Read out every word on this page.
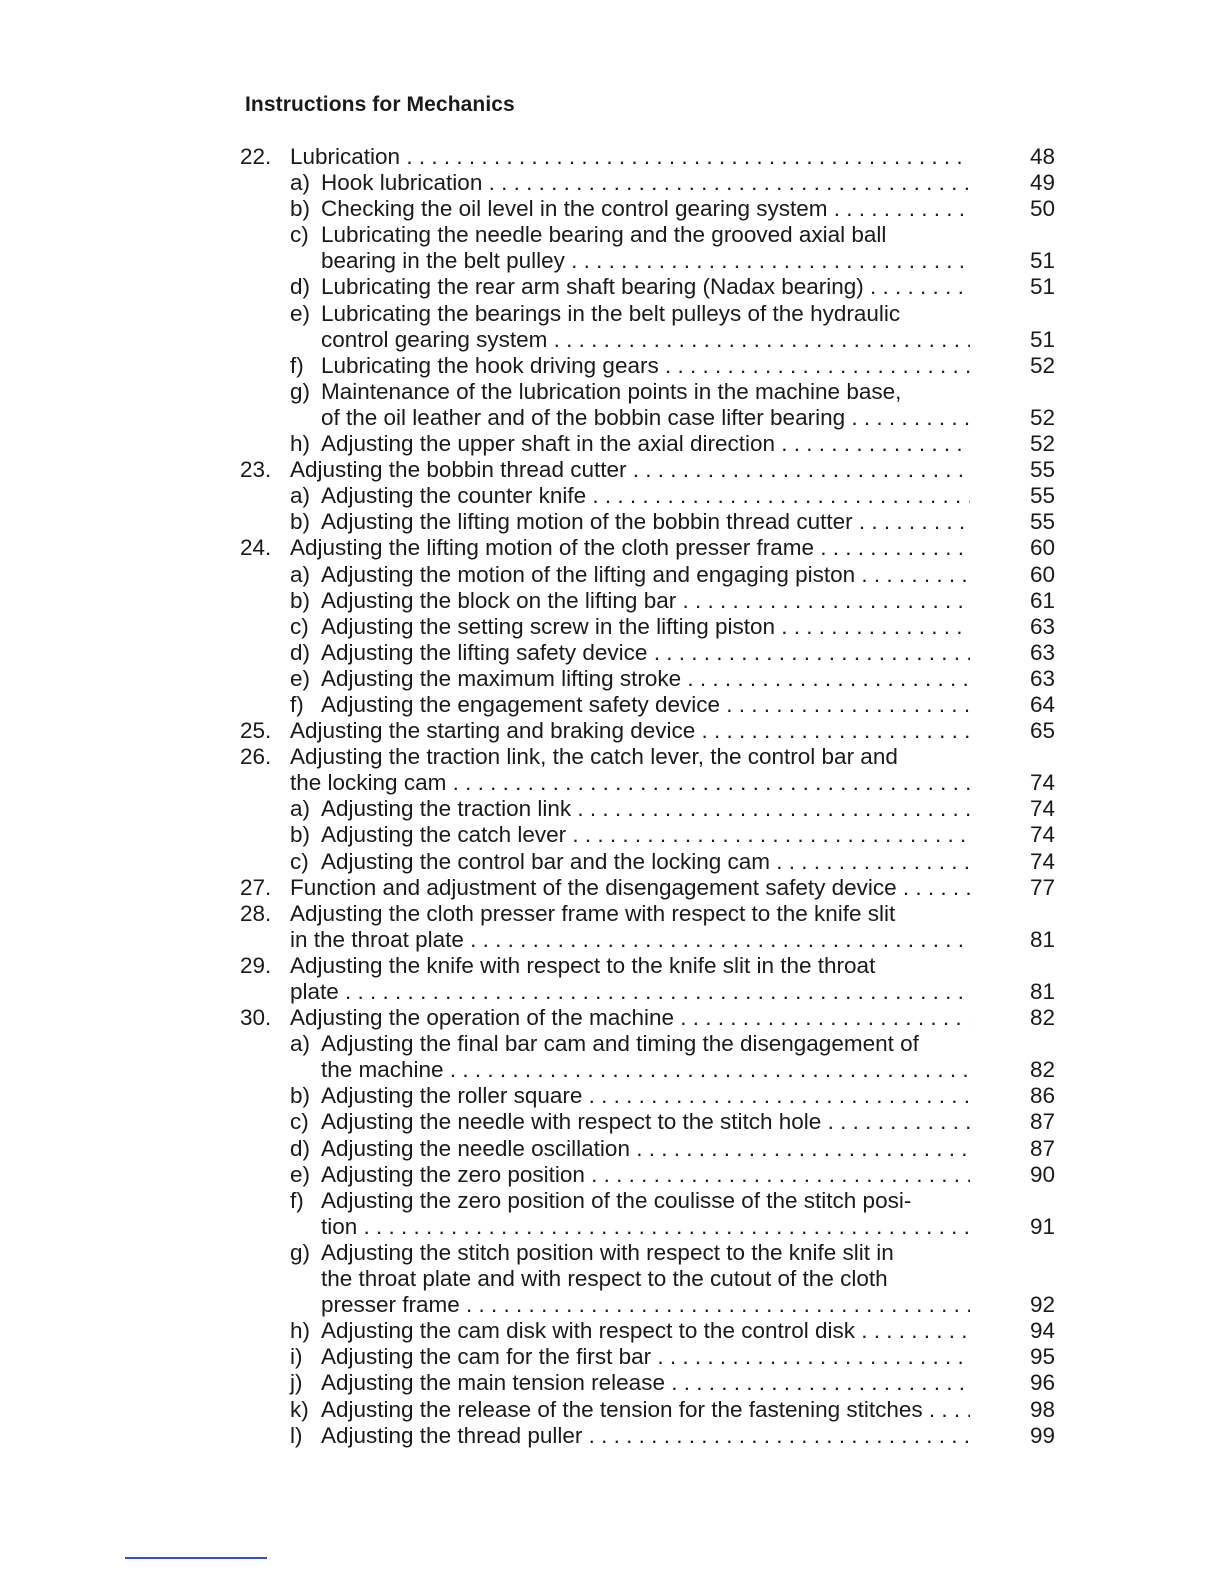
Instructions for Mechanics
22. Lubrication . . .	48
a) Hook lubrication . . .	49
b) Checking the oil level in the control gearing system . . .	50
c) Lubricating the needle bearing and the grooved axial ball
bearing in the belt pulley . . .	51
d) Lubricating the rear arm shaft bearing (Nadax bearing) . . .	51
e) Lubricating the bearings in the belt pulleys of the hydraulic
control gearing system . . .	51
f) Lubricating the hook driving gears . . .	52
g) Maintenance of the lubrication points in the machine base,
of the oil leather and of the bobbin case lifter bearing . . .	52
h) Adjusting the upper shaft in the axial direction . . .	52
23. Adjusting the bobbin thread cutter . . .	55
a) Adjusting the counter knife . . .	55
b) Adjusting the lifting motion of the bobbin thread cutter . . .	55
24. Adjusting the lifting motion of the cloth presser frame . . .	60
a) Adjusting the motion of the lifting and engaging piston . . .	60
b) Adjusting the block on the lifting bar . . .	61
c) Adjusting the setting screw in the lifting piston . . .	63
d) Adjusting the lifting safety device . . .	63
e) Adjusting the maximum lifting stroke . . .	63
f) Adjusting the engagement safety device . . .	64
25. Adjusting the starting and braking device . . .	65
26. Adjusting the traction link, the catch lever, the control bar and
the locking cam . . .	74
a) Adjusting the traction link . . .	74
b) Adjusting the catch lever . . .	74
c) Adjusting the control bar and the locking cam . . .	74
27. Function and adjustment of the disengagement safety device . . .	77
28. Adjusting the cloth presser frame with respect to the knife slit
in the throat plate . . .	81
29. Adjusting the knife with respect to the knife slit in the throat
plate . . .	81
30. Adjusting the operation of the machine . . .	82
a) Adjusting the final bar cam and timing the disengagement of
the machine . . .	82
b) Adjusting the roller square . . .	86
c) Adjusting the needle with respect to the stitch hole . . .	87
d) Adjusting the needle oscillation . . .	87
e) Adjusting the zero position . . .	90
f) Adjusting the zero position of the coulisse of the stitch posi-
tion . . .	91
g) Adjusting the stitch position with respect to the knife slit in
the throat plate and with respect to the cutout of the cloth
presser frame . . .	92
h) Adjusting the cam disk with respect to the control disk . . .	94
i) Adjusting the cam for the first bar . . .	95
j) Adjusting the main tension release . . .	96
k) Adjusting the release of the tension for the fastening stitches . . .	98
l) Adjusting the thread puller . . .	99
